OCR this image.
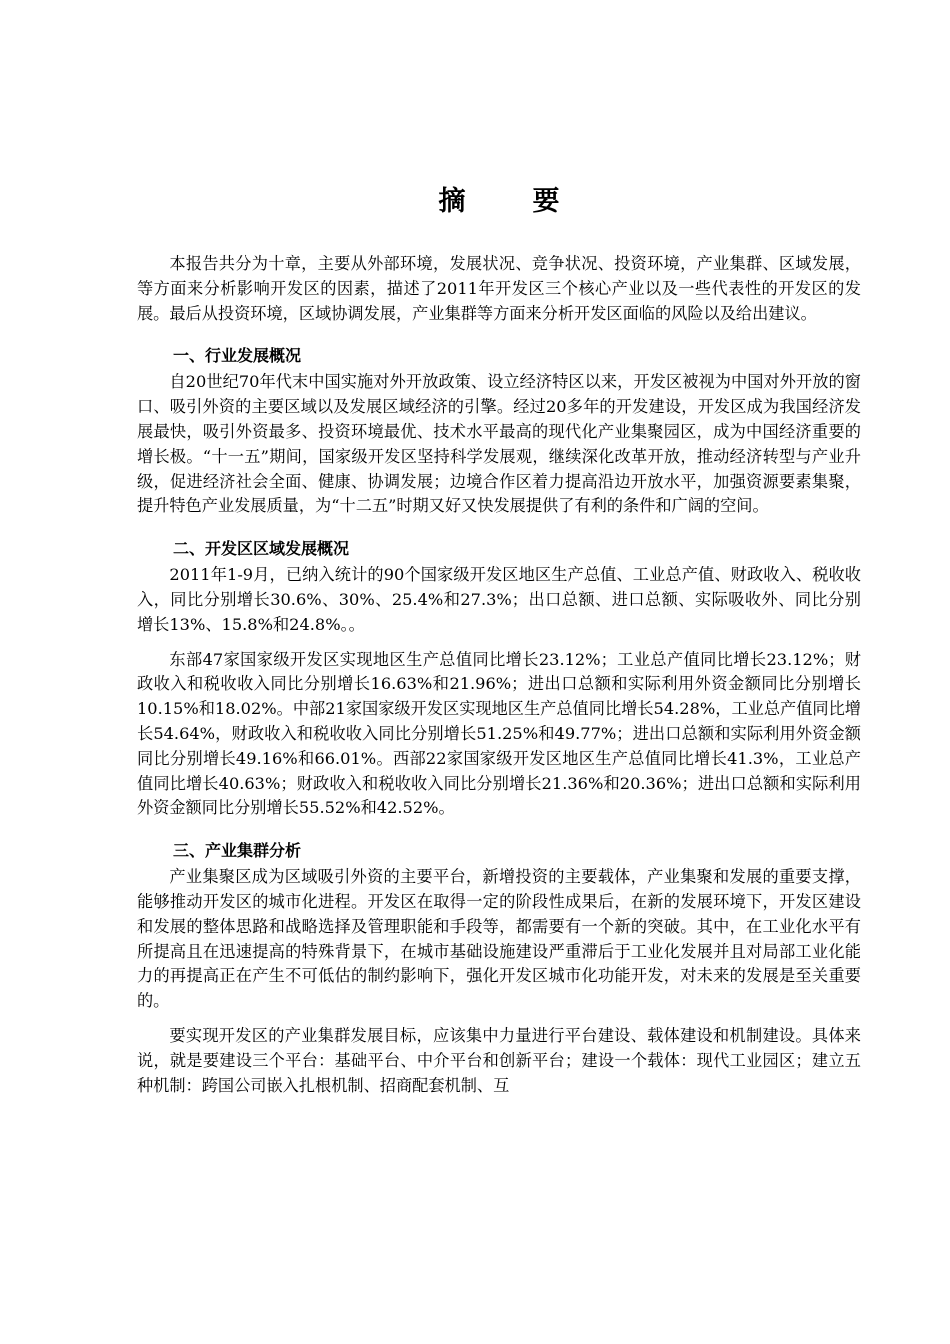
摘　要

本报告共分为十章，主要从外部环境，发展状况、竞争状况、投资环境，产业集群、区域发展，等方面来分析影响开发区的因素，描述了2011年开发区三个核心产业以及一些代表性的开发区的发展。最后从投资环境，区域协调发展，产业集群等方面来分析开发区面临的风险以及给出建议。

一、行业发展概况

自20世纪70年代末中国实施对外开放政策、设立经济特区以来，开发区被视为中国对外开放的窗口、吸引外资的主要区域以及发展区域经济的引擎。经过20多年的开发建设，开发区成为我国经济发展最快，吸引外资最多、投资环境最优、技术水平最高的现代化产业集聚园区，成为中国经济重要的增长极。“十一五”期间，国家级开发区坚持科学发展观，继续深化改革开放，推动经济转型与产业升级，促进经济社会全面、健康、协调发展；边境合作区着力提高沿边开放水平，加强资源要素集聚，提升特色产业发展质量，为“十二五”时期又好又快发展提供了有利的条件和广阔的空间。

二、开发区区域发展概况

2011年1-9月，已纳入统计的90个国家级开发区地区生产总值、工业总产值、财政收入、税收收入，同比分别增长30.6%、30%、25.4%和27.3%；出口总额、进口总额、实际吸收外、同比分别增长13%、15.8%和24.8%。。

东部47家国家级开发区实现地区生产总值同比增长23.12%；工业总产值同比增长23.12%；财政收入和税收收入同比分别增长16.63%和21.96%；进出口总额和实际利用外资金额同比分别增长10.15%和18.02%。中部21家国家级开发区实现地区生产总值同比增长54.28%，工业总产值同比增长54.64%，财政收入和税收收入同比分别增长51.25%和49.77%；进出口总额和实际利用外资金额同比分别增长49.16%和66.01%。西部22家国家级开发区地区生产总值同比增长41.3%，工业总产值同比增长40.63%；财政收入和税收收入同比分别增长21.36%和20.36%；进出口总额和实际利用外资金额同比分别增长55.52%和42.52%。

三、产业集群分析

产业集聚区成为区域吸引外资的主要平台，新增投资的主要载体，产业集聚和发展的重要支撑，能够推动开发区的城市化进程。开发区在取得一定的阶段性成果后，在新的发展环境下，开发区建设和发展的整体思路和战略选择及管理职能和手段等，都需要有一个新的突破。其中，在工业化水平有所提高且在迅速提高的特殊背景下，在城市基础设施建设严重滞后于工业化发展并且对局部工业化能力的再提高正在产生不可低估的制约影响下，强化开发区城市化功能开发，对未来的发展是至关重要的。

要实现开发区的产业集群发展目标，应该集中力量进行平台建设、载体建设和机制建设。具体来说，就是要建设三个平台：基础平台、中介平台和创新平台；建设一个载体：现代工业园区；建立五种机制：跨国公司嵌入扎根机制、招商配套机制、互
